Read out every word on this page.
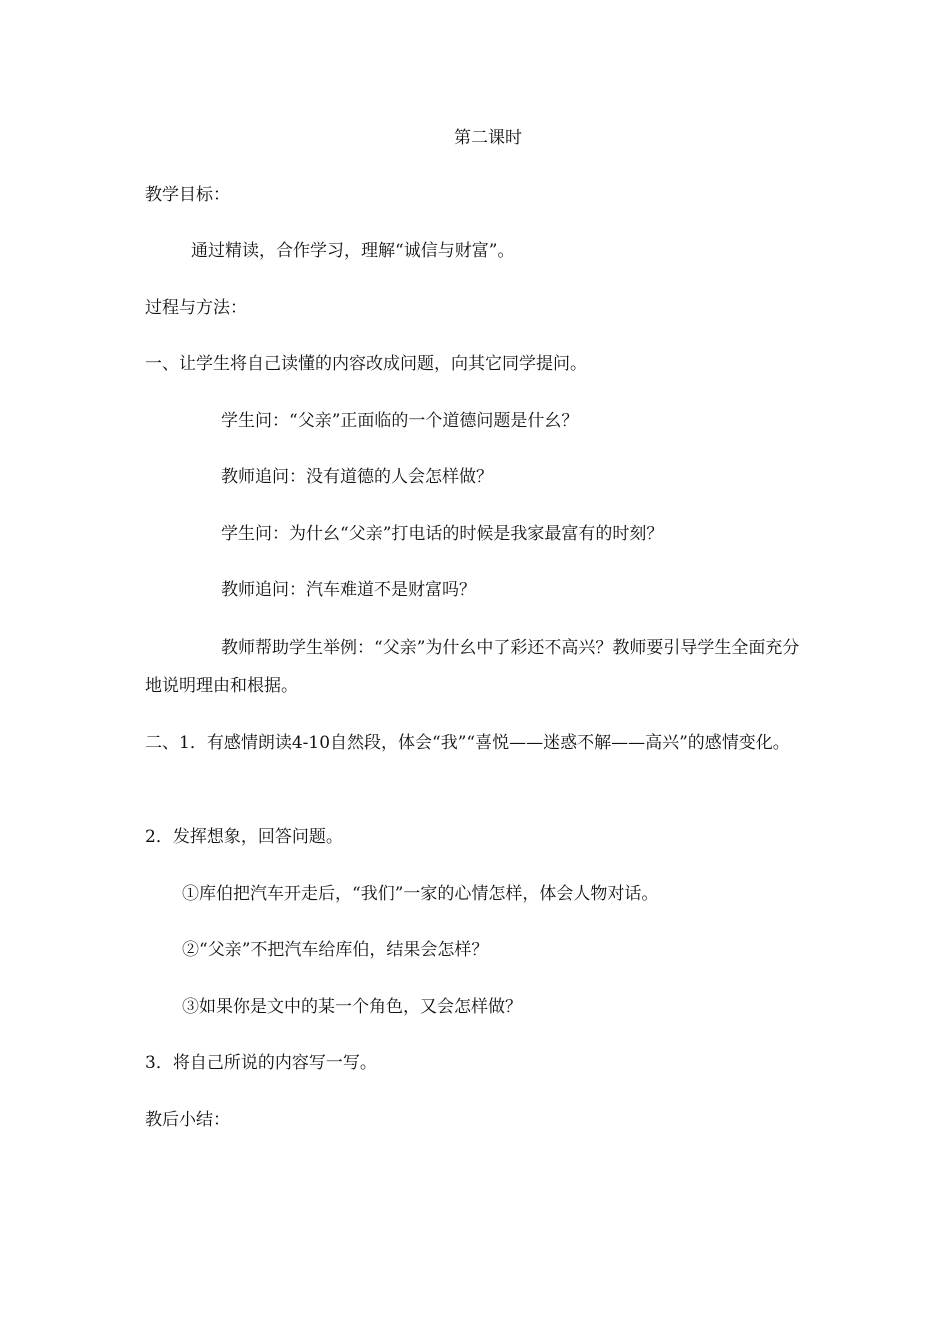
第二课时
教学目标：
通过精读，合作学习，理解“诚信与财富”。
过程与方法：
一、让学生将自己读懂的内容改成问题，向其它同学提问。
学生问：“父亲”正面临的一个道德问题是什幺？
教师追问：没有道德的人会怎样做？
学生问：为什幺“父亲”打电话的时候是我家最富有的时刻？
教师追问：汽车难道不是财富吗？
教师帮助学生举例：“父亲”为什幺中了彩还不高兴？教师要引导学生全面充分地说明理由和根据。
二、1．有感情朗读4-10自然段，体会“我”“喜悦——迷惑不解——高兴”的感情变化。
2．发挥想象，回答问题。
①库伯把汽车开走后，“我们”一家的心情怎样，体会人物对话。
②“父亲”不把汽车给库伯，结果会怎样？
③如果你是文中的某一个角色，又会怎样做？
3．将自己所说的内容写一写。
教后小结：
